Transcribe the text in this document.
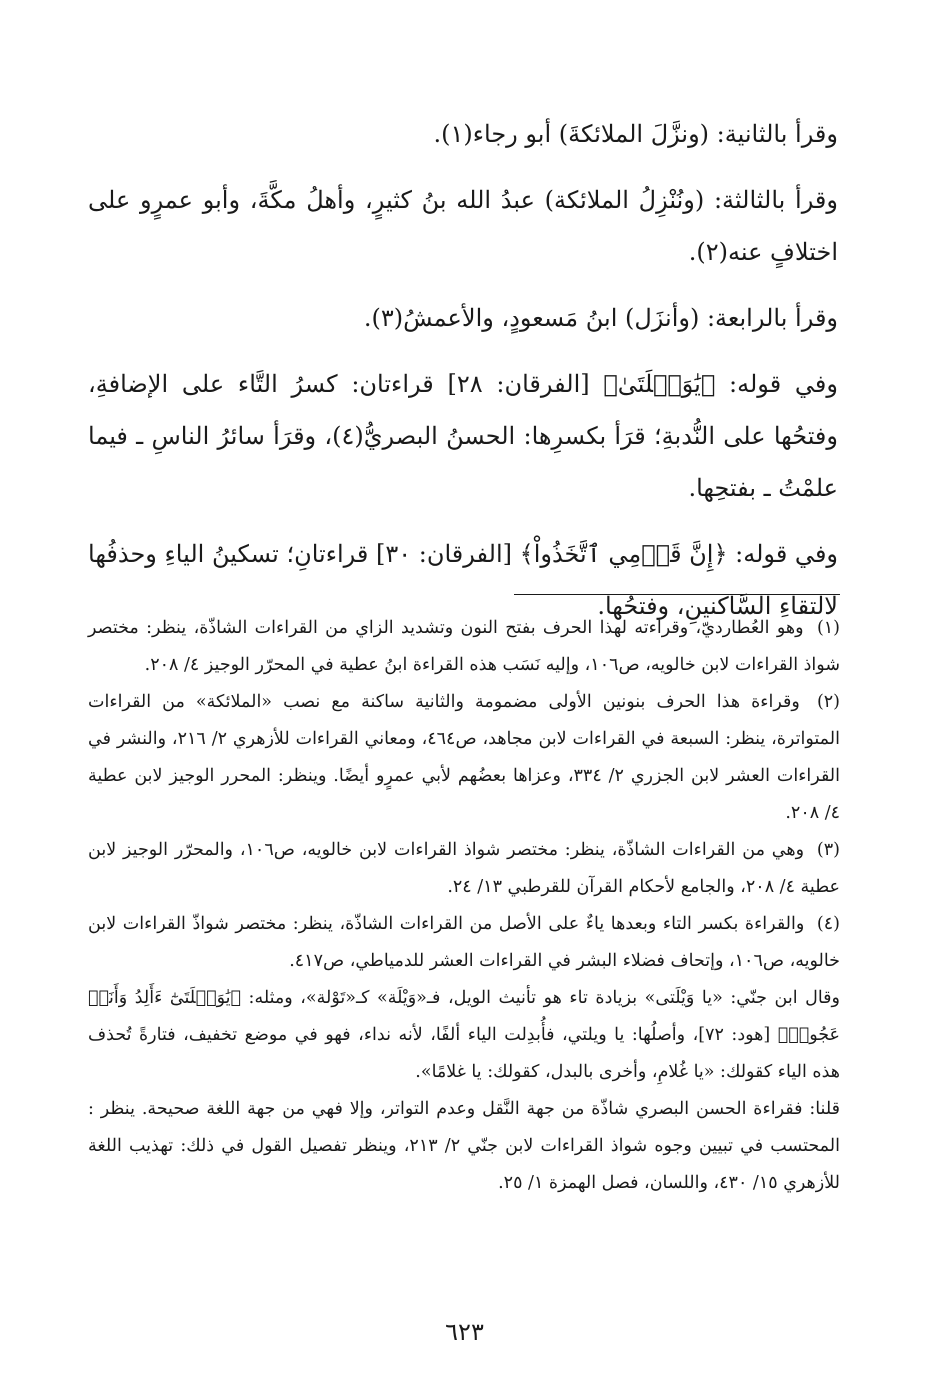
وقرأ بالثانية: (ونزَّلَ الملائكةَ) أبو رجاء(١).

وقرأ بالثالثة: (ونُنْزِلُ الملائكة) عبدُ الله بنُ كثيرٍ، وأهلُ مكَّةَ، وأبو عمرٍو على اختلافٍ عنه(٢).

وقرأ بالرابعة: (وأنزَل) ابنُ مَسعودٍ، والأعمشُ(٣).

وفي قوله: ﴿يَٰوَيۡلَتَىٰ﴾ [الفرقان: ٢٨] قراءتان: كسرُ التَّاء على الإضافةِ، وفتحُها على النُّدبةِ؛ قرَأ بكسرِها: الحسنُ البصريُّ(٤)، وقرَأ سائرُ الناسِ ـ فيما علمْتُ ـ بفتحِها.

وفي قوله: ﴿إِنَّ قَوۡمِي ٱتَّخَذُواْ﴾ [الفرقان: ٣٠] قراءتانِ؛ تسكينُ الياءِ وحذفُها لالتقاءِ السَّاكنينِ، وفتحُها.

(١) وهو العُطارديّ، وقراءته لهذا الحرف بفتح النون وتشديد الزاي من القراءات الشاذّة، ينظر: مختصر شواذ القراءات لابن خالويه، ص١٠٦، وإليه نَسَب هذه القراءة ابنُ عطية في المحرّر الوجيز ٤/ ٢٠٨.

(٢) وقراءة هذا الحرف بنونين الأولى مضمومة والثانية ساكنة مع نصب «الملائكة» من القراءات المتواترة، ينظر: السبعة في القراءات لابن مجاهد، ص٤٦٤، ومعاني القراءات للأزهري ٢/ ٢١٦، والنشر في القراءات العشر لابن الجزري ٢/ ٣٣٤، وعزاها بعضُهم لأبي عمرٍو أيضًا. وينظر: المحرر الوجيز لابن عطية ٤/ ٢٠٨.

(٣) وهي من القراءات الشاذّة، ينظر: مختصر شواذ القراءات لابن خالويه، ص١٠٦، والمحرّر الوجيز لابن عطية ٤/ ٢٠٨، والجامع لأحكام القرآن للقرطبي ١٣/ ٢٤.

(٤) والقراءة بكسر التاء وبعدها ياءٌ على الأصل من القراءات الشاذّة، ينظر: مختصر شواذّ القراءات لابن خالويه، ص١٠٦، وإتحاف فضلاء البشر في القراءات العشر للدمياطي، ص٤١٧.
وقال ابن جنّي: «يا وَيْلَتى» بزيادة تاء هو تأنيث الويل، فـ«وَيْلَة» كـ«تَوْلة»، ومثله: ﴿يَٰوَيۡلَتَىٰٓ ءَأَلِدُ وَأَنَا۠ عَجُوزٞ﴾ [هود: ٧٢]، وأصلُها: يا ويلتي، فأُبدِلت الياء ألفًا، لأنه نداء، فهو في موضع تخفيف، فتارةً تُحذف هذه الياء كقولك: «يا غُلامِ، وأخرى بالبدل، كقولك: يا غلامًا».
قلنا: فقراءة الحسن البصري شاذّة من جهة النَّقل وعدم التواتر، وإلا فهي من جهة اللغة صحيحة. ينظر : المحتسب في تبيين وجوه شواذ القراءات لابن جنّي ٢/ ٢١٣، وينظر تفصيل القول في ذلك: تهذيب اللغة للأزهري ١٥/ ٤٣٠، واللسان، فصل الهمزة ١/ ٢٥.

٦٢٣
